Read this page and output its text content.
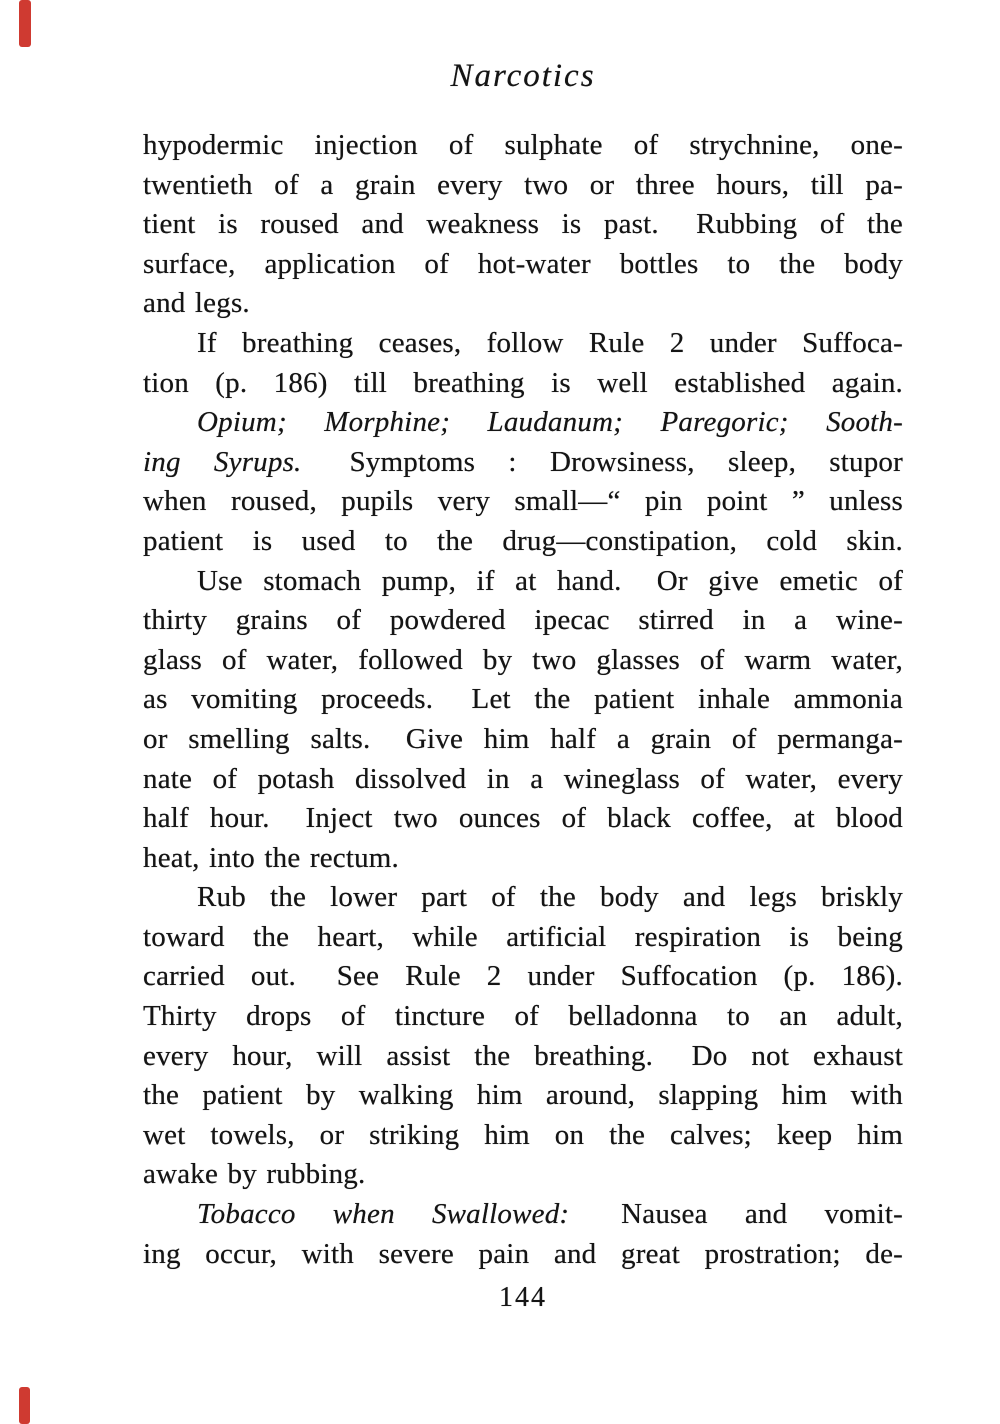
Narcotics
hypodermic injection of sulphate of strychnine, one-
twentieth of a grain every two or three hours, till pa-
tient is roused and weakness is past.  Rubbing of the
surface, application of hot-water bottles to the body
and legs.
If breathing ceases, follow Rule 2 under Suffoca-
tion (p. 186) till breathing is well established again.
Opium; Morphine; Laudanum; Paregoric; Sooth-
ing Syrups.  Symptoms : Drowsiness, sleep, stupor
when roused, pupils very small—“ pin point ” unless
patient is used to the drug—constipation, cold skin.
Use stomach pump, if at hand.  Or give emetic of
thirty grains of powdered ipecac stirred in a wine-
glass of water, followed by two glasses of warm water,
as vomiting proceeds.  Let the patient inhale ammonia
or smelling salts.  Give him half a grain of permanga-
nate of potash dissolved in a wineglass of water, every
half hour.  Inject two ounces of black coffee, at blood
heat, into the rectum.
Rub the lower part of the body and legs briskly
toward the heart, while artificial respiration is being
carried out.  See Rule 2 under Suffocation (p. 186).
Thirty drops of tincture of belladonna to an adult,
every hour, will assist the breathing.  Do not exhaust
the patient by walking him around, slapping him with
wet towels, or striking him on the calves; keep him
awake by rubbing.
Tobacco when Swallowed:  Nausea and vomit-
ing occur, with severe pain and great prostration; de-
144
